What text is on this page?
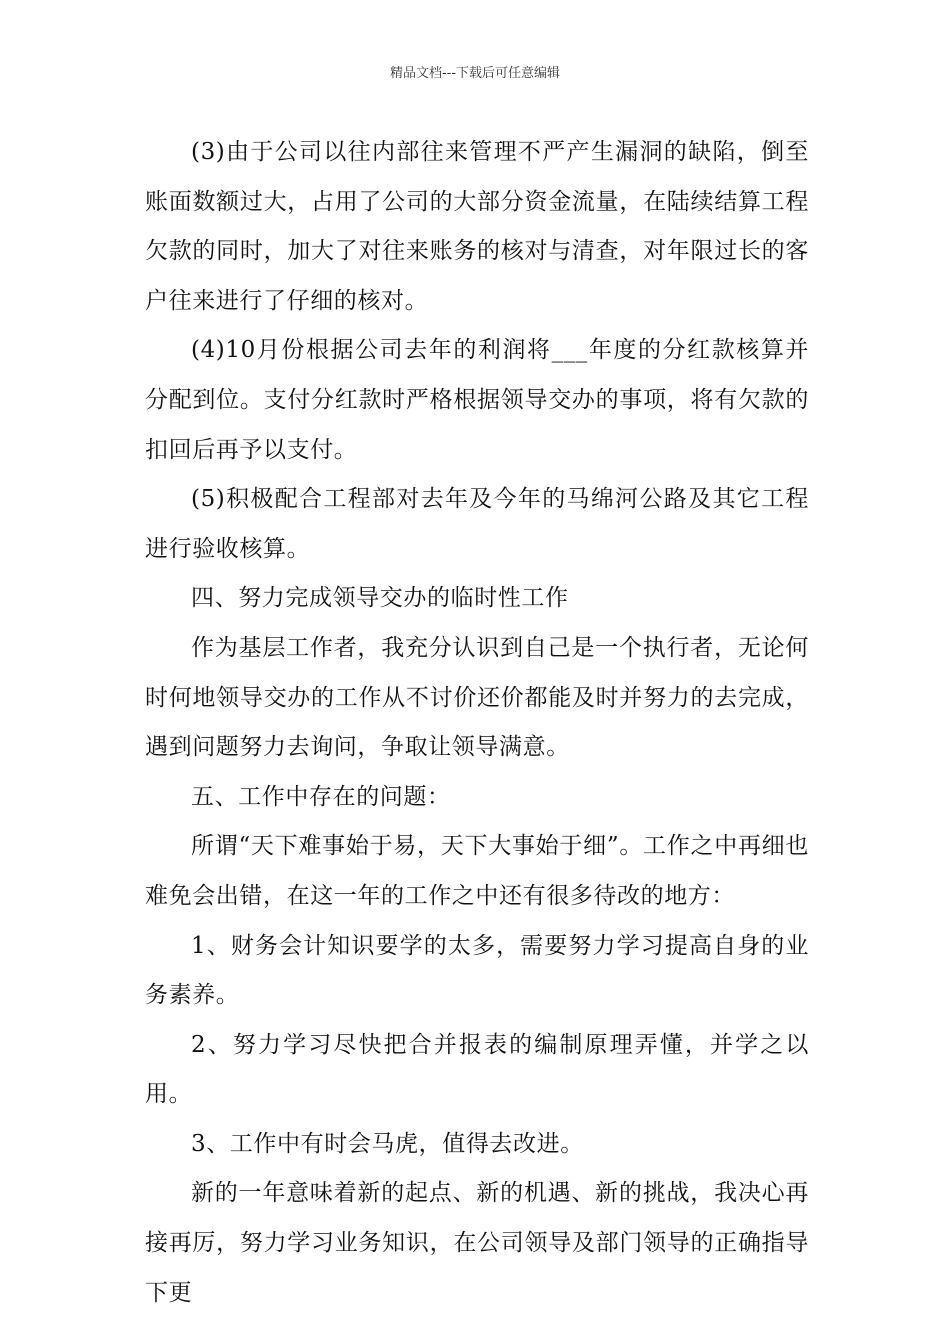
精品文档---下载后可任意编辑

(3)由于公司以往内部往来管理不严产生漏洞的缺陷，倒至账面数额过大，占用了公司的大部分资金流量，在陆续结算工程欠款的同时，加大了对往来账务的核对与清查，对年限过长的客户往来进行了仔细的核对。

(4)10月份根据公司去年的利润将___年度的分红款核算并分配到位。支付分红款时严格根据领导交办的事项，将有欠款的扣回后再予以支付。

(5)积极配合工程部对去年及今年的马绵河公路及其它工程进行验收核算。

四、努力完成领导交办的临时性工作

作为基层工作者，我充分认识到自己是一个执行者，无论何时何地领导交办的工作从不讨价还价都能及时并努力的去完成，遇到问题努力去询问，争取让领导满意。

五、工作中存在的问题：

所谓“天下难事始于易，天下大事始于细”。工作之中再细也难免会出错，在这一年的工作之中还有很多待改的地方：

1、财务会计知识要学的太多，需要努力学习提高自身的业务素养。

2、努力学习尽快把合并报表的编制原理弄懂，并学之以用。

3、工作中有时会马虎，值得去改进。

新的一年意味着新的起点、新的机遇、新的挑战，我决心再接再厉，努力学习业务知识，在公司领导及部门领导的正确指导下更
